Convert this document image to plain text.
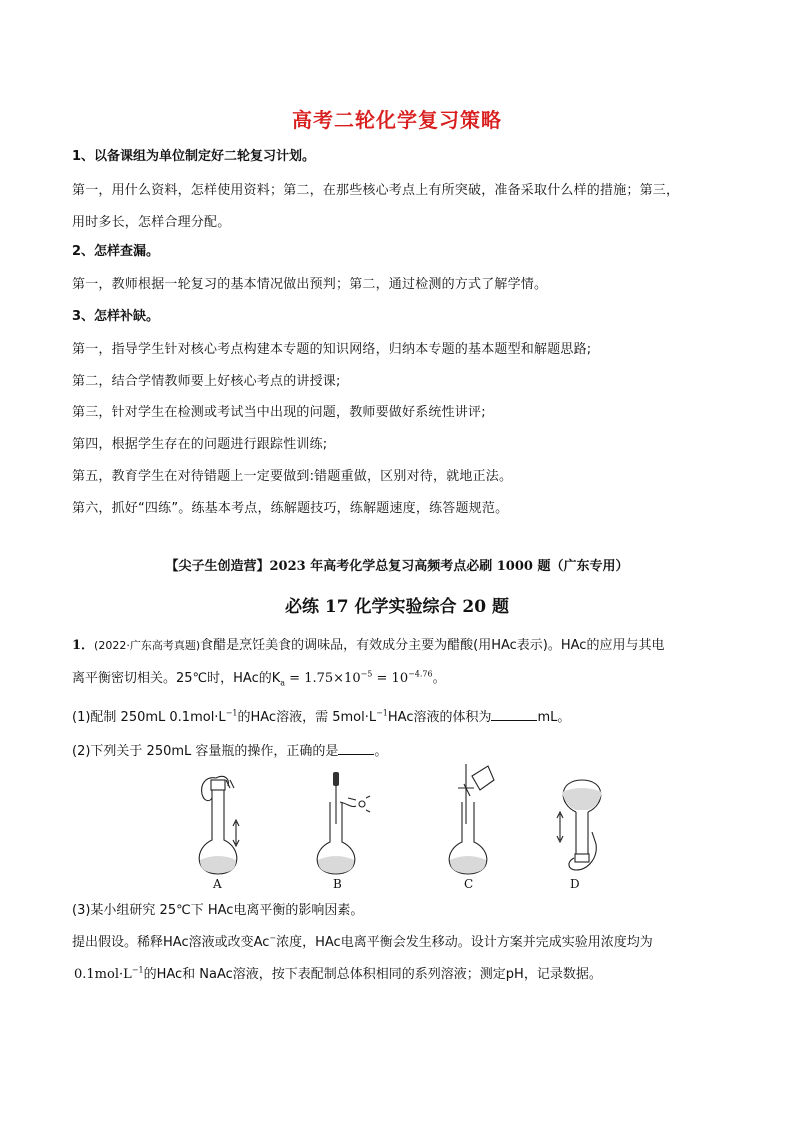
高考二轮化学复习策略
1、以备课组为单位制定好二轮复习计划。
第一，用什么资料，怎样使用资料；第二，在那些核心考点上有所突破，准备采取什么样的措施；第三，
用时多长，怎样合理分配。
2、怎样查漏。
第一，教师根据一轮复习的基本情况做出预判；第二，通过检测的方式了解学情。
3、怎样补缺。
第一，指导学生针对核心考点构建本专题的知识网络，归纳本专题的基本题型和解题思路;
第二，结合学情教师要上好核心考点的讲授课;
第三，针对学生在检测或考试当中出现的问题，教师要做好系统性讲评;
第四，根据学生存在的问题进行跟踪性训练;
第五，教育学生在对待错题上一定要做到:错题重做，区别对待，就地正法。
第六，抓好“四练”。练基本考点，练解题技巧，练解题速度，练答题规范。
【尖子生创造营】2023 年高考化学总复习高频考点必刷 1000 题（广东专用）
必练 17 化学实验综合 20 题
1．(2022·广东高考真题)食醋是烹饪美食的调味品，有效成分主要为醋酸(用HAc表示)。HAc的应用与其电
离平衡密切相关。25℃时，HAc的$K_a = 1.75\times 10^{-5} = 10^{-4.76}$。
(1)配制 250mL $0.1mol\cdot L^{-1}$的HAc溶液，需 $5mol\cdot L^{-1}HAc$溶液的体积为	mL。
(2)下列关于 250mL 容量瓶的操作，正确的是	。
A	B	C	D
(3)某小组研究 25℃下 HAc电离平衡的影响因素。
提出假设。稀释HAc溶液或改变Ac−浓度，HAc电离平衡会发生移动。设计方案并完成实验用浓度均为
$0.1mol\cdot L^{-1}$的HAc和 NaAc溶液，按下表配制总体积相同的系列溶液；测定pH，记录数据。
